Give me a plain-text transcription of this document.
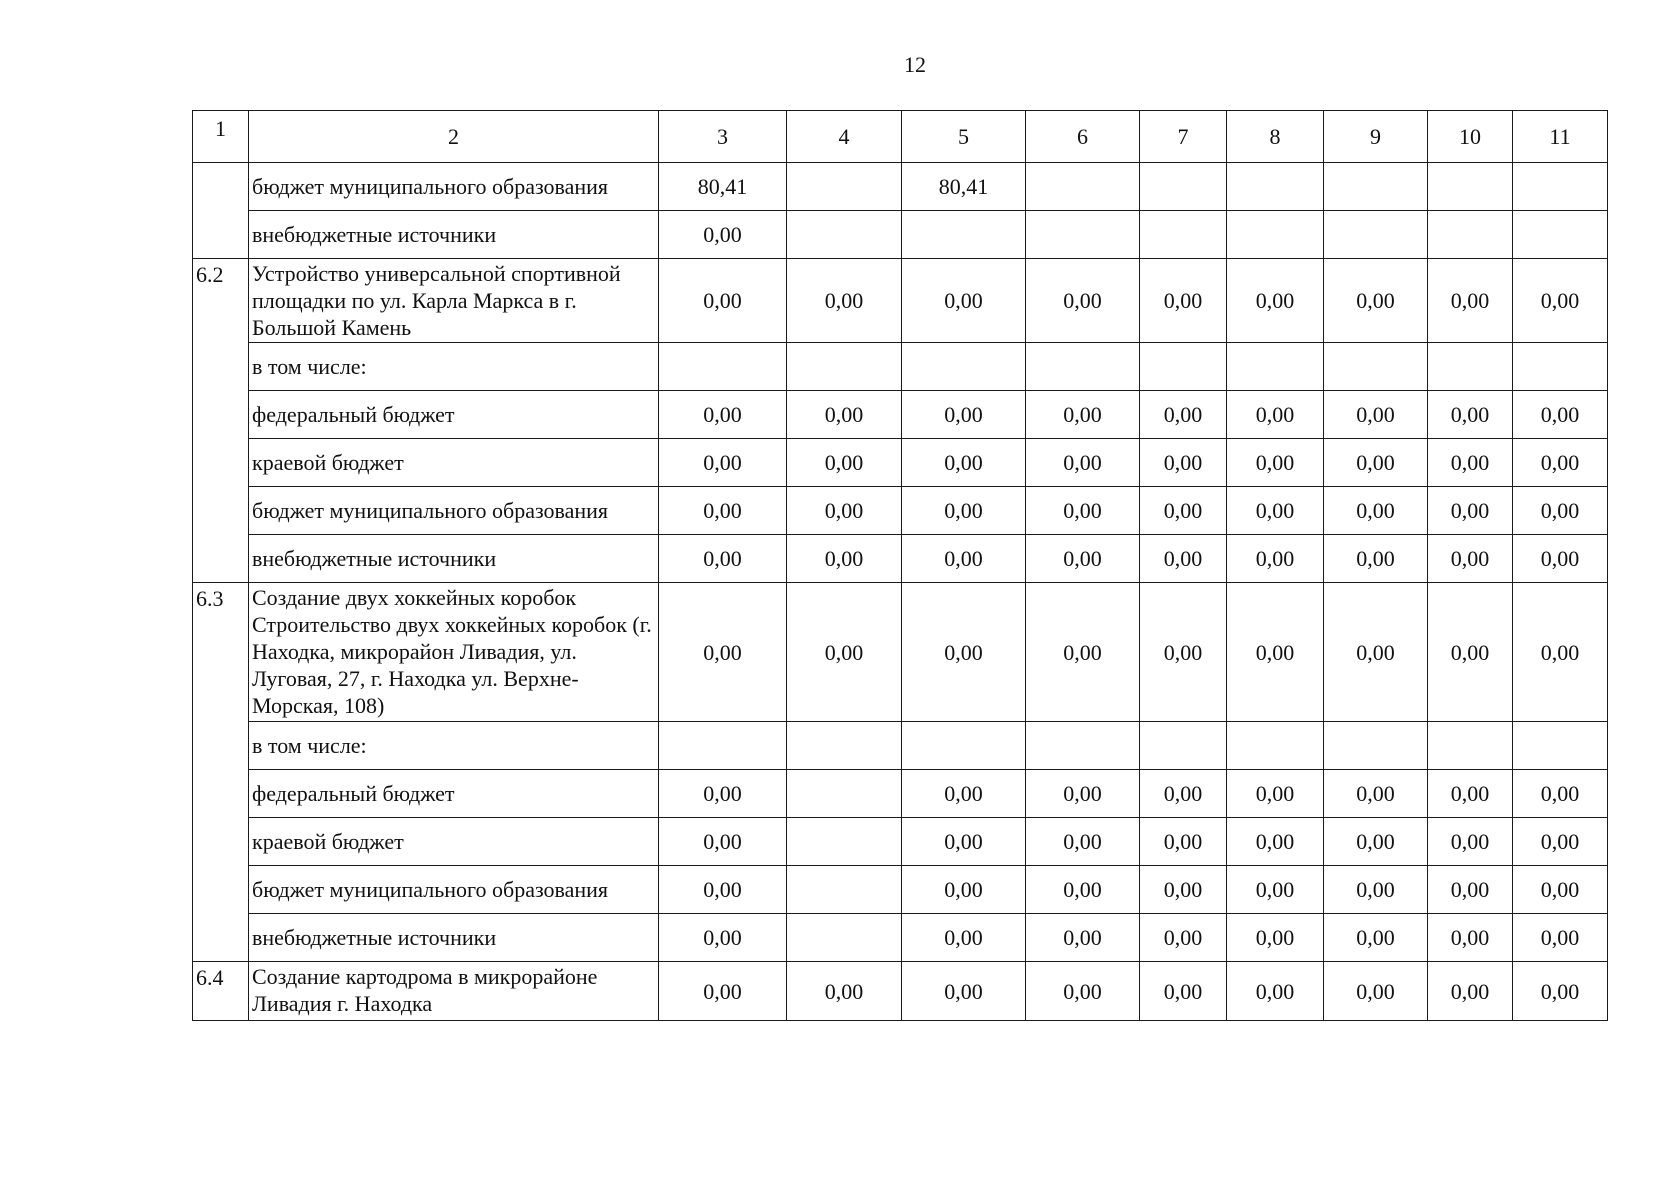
12
1	2	3	4	5	6	7	8	9	10	11
	бюджет муниципального образования	80,41		80,41						
	внебюджетные источники	0,00								
6.2	Устройство универсальной спортивной площадки по ул. Карла Маркса в г. Большой Камень	0,00	0,00	0,00	0,00	0,00	0,00	0,00	0,00	0,00
	в том числе:									
	федеральный бюджет	0,00	0,00	0,00	0,00	0,00	0,00	0,00	0,00	0,00
	краевой бюджет	0,00	0,00	0,00	0,00	0,00	0,00	0,00	0,00	0,00
	бюджет муниципального образования	0,00	0,00	0,00	0,00	0,00	0,00	0,00	0,00	0,00
	внебюджетные источники	0,00	0,00	0,00	0,00	0,00	0,00	0,00	0,00	0,00
6.3	Создание двух хоккейных коробок Строительство двух хоккейных коробок (г. Находка, микрорайон Ливадия, ул. Луговая, 27, г. Находка ул. Верхне-Морская, 108)	0,00	0,00	0,00	0,00	0,00	0,00	0,00	0,00	0,00
	в том числе:									
	федеральный бюджет	0,00		0,00	0,00	0,00	0,00	0,00	0,00	0,00
	краевой бюджет	0,00		0,00	0,00	0,00	0,00	0,00	0,00	0,00
	бюджет муниципального образования	0,00		0,00	0,00	0,00	0,00	0,00	0,00	0,00
	внебюджетные источники	0,00		0,00	0,00	0,00	0,00	0,00	0,00	0,00
6.4	Создание картодрома в микрорайоне Ливадия г. Находка	0,00	0,00	0,00	0,00	0,00	0,00	0,00	0,00	0,00
